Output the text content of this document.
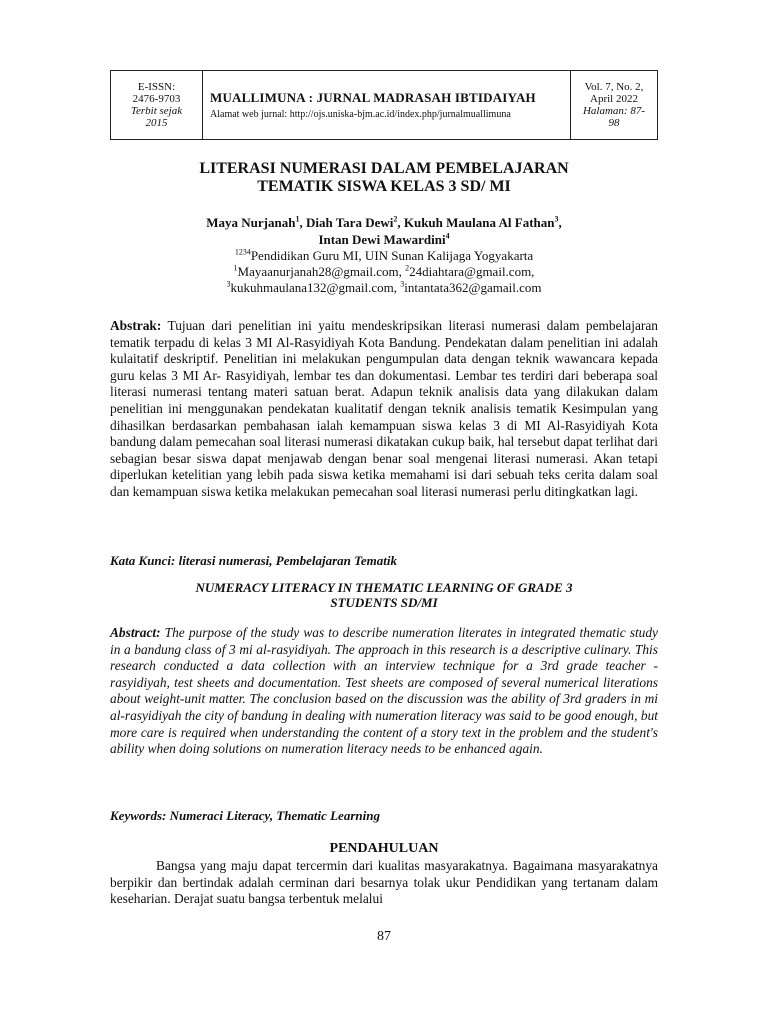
E-ISSN:
2476-9703
Terbit sejak
2015
MUALLIMUNA : JURNAL MADRASAH IBTIDAIYAH
Alamat web jurnal: http://ojs.uniska-bjm.ac.id/index.php/jurnalmuallimuna
Vol. 7, No. 2,
April 2022
Halaman: 87-
98
LITERASI NUMERASI DALAM PEMBELAJARAN
TEMATIK SISWA KELAS 3 SD/ MI
Maya Nurjanah$^1$, Diah Tara Dewi$^2$, Kukuh Maulana Al Fathan$^3$,
Intan Dewi Mawardini$^4$
$^{1234}$Pendidikan Guru MI, UIN Sunan Kalijaga Yogyakarta
$^1$Mayaanurjanah28@gmail.com, $^2$24diahtara@gmail.com,
$^3$kukuhmaulana132@gmail.com, $^3$intantata362@gamail.com
Abstrak: Tujuan dari penelitian ini yaitu mendeskripsikan literasi numerasi dalam pembelajaran tematik terpadu di kelas 3 MI Al-Rasyidiyah Kota Bandung. Pendekatan dalam penelitian ini adalah kulaitatif deskriptif. Penelitian ini melakukan pengumpulan data dengan teknik wawancara kepada guru kelas 3 MI Ar- Rasyidiyah, lembar tes dan dokumentasi. Lembar tes terdiri dari beberapa soal literasi numerasi tentang materi satuan berat. Adapun teknik analisis data yang dilakukan dalam penelitian ini menggunakan pendekatan kualitatif dengan teknik analisis tematik Kesimpulan yang dihasilkan berdasarkan pembahasan ialah kemampuan siswa kelas 3 di MI Al-Rasyidiyah Kota bandung dalam pemecahan soal literasi numerasi dikatakan cukup baik, hal tersebut dapat terlihat dari sebagian besar siswa dapat menjawab dengan benar soal mengenai literasi numerasi. Akan tetapi diperlukan ketelitian yang lebih pada siswa ketika memahami isi dari sebuah teks cerita dalam soal dan kemampuan siswa ketika melakukan pemecahan soal literasi numerasi perlu ditingkatkan lagi.
Kata Kunci: literasi numerasi, Pembelajaran Tematik
NUMERACY LITERACY IN THEMATIC LEARNING OF GRADE 3
STUDENTS SD/MI
Abstract: The purpose of the study was to describe numeration literates in integrated thematic study in a bandung class of 3 mi al-rasyidiyah. The approach in this research is a descriptive culinary. This research conducted a data collection with an interview technique for a 3rd grade teacher - rasyidiyah, test sheets and documentation. Test sheets are composed of several numerical literations about weight-unit matter. The conclusion based on the discussion was the ability of 3rd graders in mi al-rasyidiyah the city of bandung in dealing with numeration literacy was said to be good enough, but more care is required when understanding the content of a story text in the problem and the student's ability when doing solutions on numeration literacy needs to be enhanced again.
Keywords: Numeraci Literacy, Thematic Learning
PENDAHULUAN
Bangsa yang maju dapat tercermin dari kualitas masyarakatnya. Bagaimana masyarakatnya berpikir dan bertindak adalah cerminan dari besarnya tolak ukur Pendidikan yang tertanam dalam keseharian. Derajat suatu bangsa terbentuk melalui
87
